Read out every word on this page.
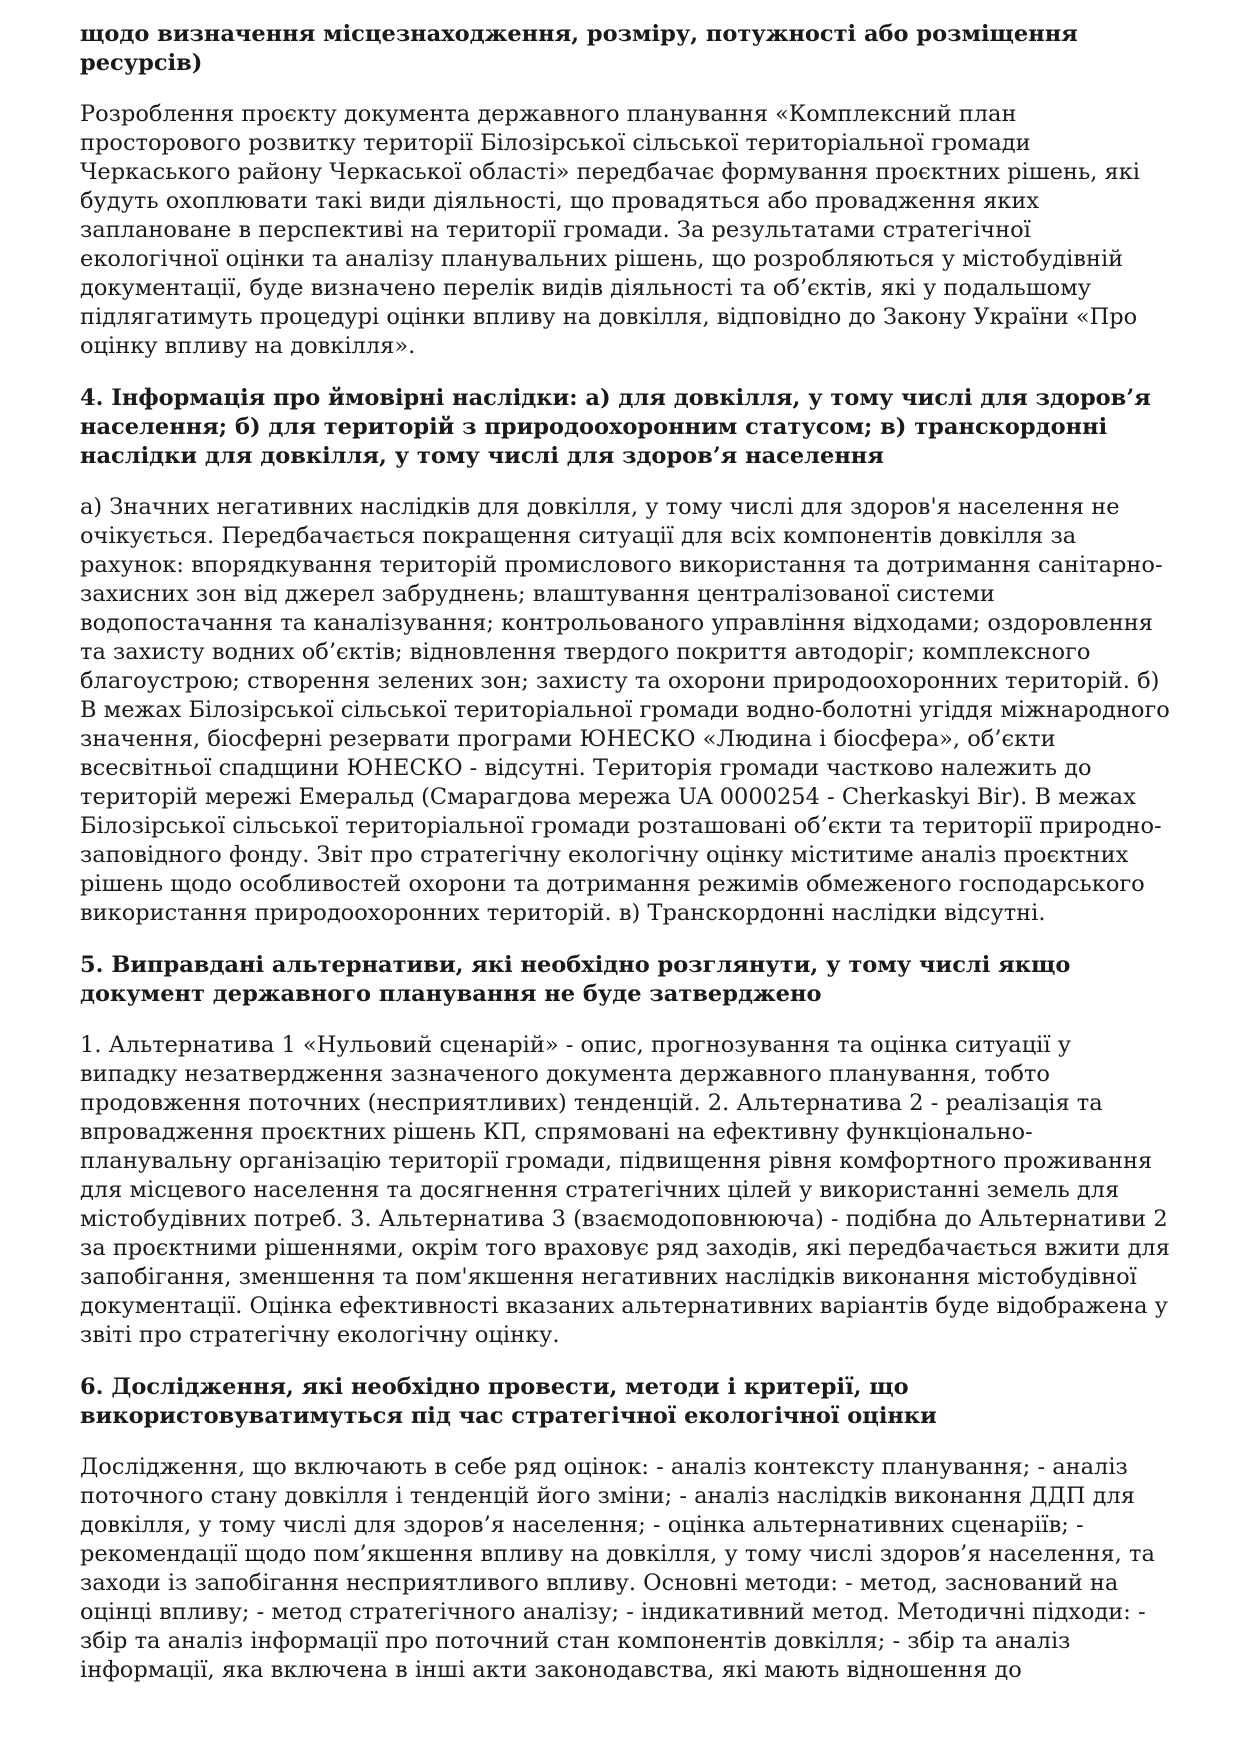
щодо визначення місцезнаходження, розміру, потужності або розміщення ресурсів)

Розроблення проєкту документа державного планування «Комплексний план просторового розвитку території Білозірської сільської територіальної громади Черкаського району Черкаської області» передбачає формування проєктних рішень, які будуть охоплювати такі види діяльності, що провадяться або провадження яких заплановане в перспективі на території громади. За результатами стратегічної екологічної оцінки та аналізу планувальних рішень, що розробляються у містобудівній документації, буде визначено перелік видів діяльності та об’єктів, які у подальшому підлягатимуть процедурі оцінки впливу на довкілля, відповідно до Закону України «Про оцінку впливу на довкілля».

4. Інформація про ймовірні наслідки: а) для довкілля, у тому числі для здоров’я населення; б) для територій з природоохоронним статусом; в) транскордонні наслідки для довкілля, у тому числі для здоров’я населення

а) Значних негативних наслідків для довкілля, у тому числі для здоров'я населення не очікується. Передбачається покращення ситуації для всіх компонентів довкілля за рахунок: впорядкування територій промислового використання та дотримання санітарно-захисних зон від джерел забруднень; влаштування централізованої системи водопостачання та каналізування; контрольованого управління відходами; оздоровлення та захисту водних об’єктів; відновлення твердого покриття автодоріг; комплексного благоустрою; створення зелених зон; захисту та охорони природоохоронних територій. б) В межах Білозірської сільської територіальної громади водно-болотні угіддя міжнародного значення, біосферні резервати програми ЮНЕСКО «Людина і біосфера», об’єкти всесвітньої спадщини ЮНЕСКО - відсутні. Територія громади частково належить до територій мережі Емеральд (Смарагдова мережа UA 0000254 - Cherkaskyi Bir). В межах Білозірської сільської територіальної громади розташовані об’єкти та території природно-заповідного фонду. Звіт про стратегічну екологічну оцінку міститиме аналіз проєктних рішень щодо особливостей охорони та дотримання режимів обмеженого господарського використання природоохоронних територій. в) Транскордонні наслідки відсутні.

5. Виправдані альтернативи, які необхідно розглянути, у тому числі якщо документ державного планування не буде затверджено

1. Альтернатива 1 «Нульовий сценарій» - опис, прогнозування та оцінка ситуації у випадку незатвердження зазначеного документа державного планування, тобто продовження поточних (несприятливих) тенденцій. 2. Альтернатива 2 - реалізація та впровадження проєктних рішень КП, спрямовані на ефективну функціонально-планувальну організацію території громади, підвищення рівня комфортного проживання для місцевого населення та досягнення стратегічних цілей у використанні земель для містобудівних потреб. 3. Альтернатива 3 (взаємодоповнююча) - подібна до Альтернативи 2 за проєктними рішеннями, окрім того враховує ряд заходів, які передбачається вжити для запобігання, зменшення та пом'якшення негативних наслідків виконання містобудівної документації. Оцінка ефективності вказаних альтернативних варіантів буде відображена у звіті про стратегічну екологічну оцінку.

6. Дослідження, які необхідно провести, методи і критерії, що використовуватимуться під час стратегічної екологічної оцінки

Дослідження, що включають в себе ряд оцінок: - аналіз контексту планування; - аналіз поточного стану довкілля і тенденцій його зміни; - аналіз наслідків виконання ДДП для довкілля, у тому числі для здоров’я населення; - оцінка альтернативних сценаріїв; - рекомендації щодо пом’якшення впливу на довкілля, у тому числі здоров’я населення, та заходи із запобігання несприятливого впливу. Основні методи: - метод, заснований на оцінці впливу; - метод стратегічного аналізу; - індикативний метод. Методичні підходи: - збір та аналіз інформації про поточний стан компонентів довкілля; - збір та аналіз інформації, яка включена в інші акти законодавства, які мають відношення до
